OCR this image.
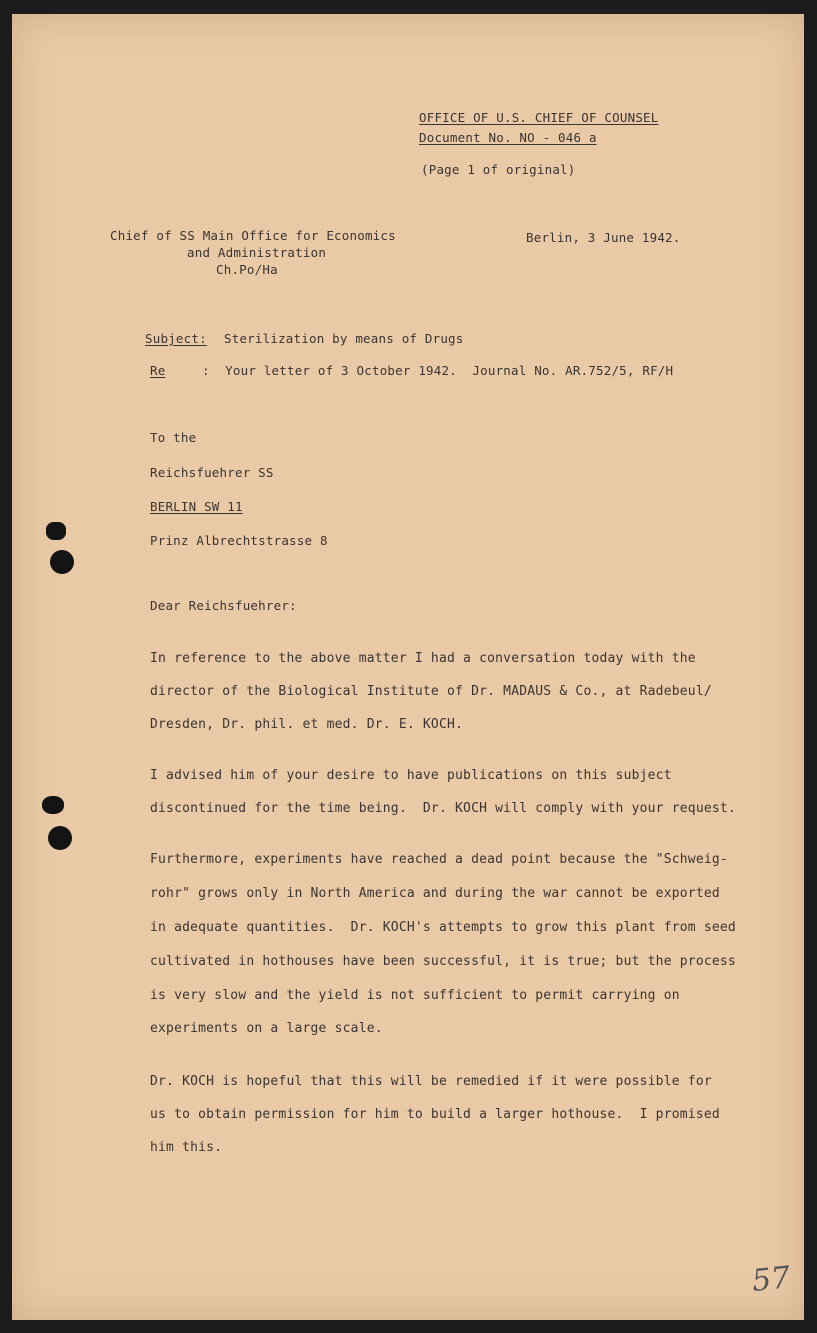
OFFICE OF U.S. CHIEF OF COUNSEL

Document No. NO - 046 a

(Page 1 of original)

Chief of SS Main Office for Economics

and Administration

Ch.Po/Ha

Berlin, 3 June 1942.

Subject: Sterilization by means of Drugs

Re	:  Your letter of 3 October 1942.  Journal No. AR.752/5, RF/H

To the

Reichsfuehrer SS

BERLIN SW 11

Prinz Albrechtstrasse 8

Dear Reichsfuehrer:

In reference to the above matter I had a conversation today with the

director of the Biological Institute of Dr. MADAUS & Co., at Radebeul/

Dresden, Dr. phil. et med. Dr. E. KOCH.

I advised him of your desire to have publications on this subject

discontinued for the time being.  Dr. KOCH will comply with your request.

Furthermore, experiments have reached a dead point because the "Schweig-

rohr" grows only in North America and during the war cannot be exported

in adequate quantities.  Dr. KOCH's attempts to grow this plant from seed

cultivated in hothouses have been successful, it is true; but the process

is very slow and the yield is not sufficient to permit carrying on

experiments on a large scale.

Dr. KOCH is hopeful that this will be remedied if it were possible for

us to obtain permission for him to build a larger hothouse.  I promised

him this.

57
